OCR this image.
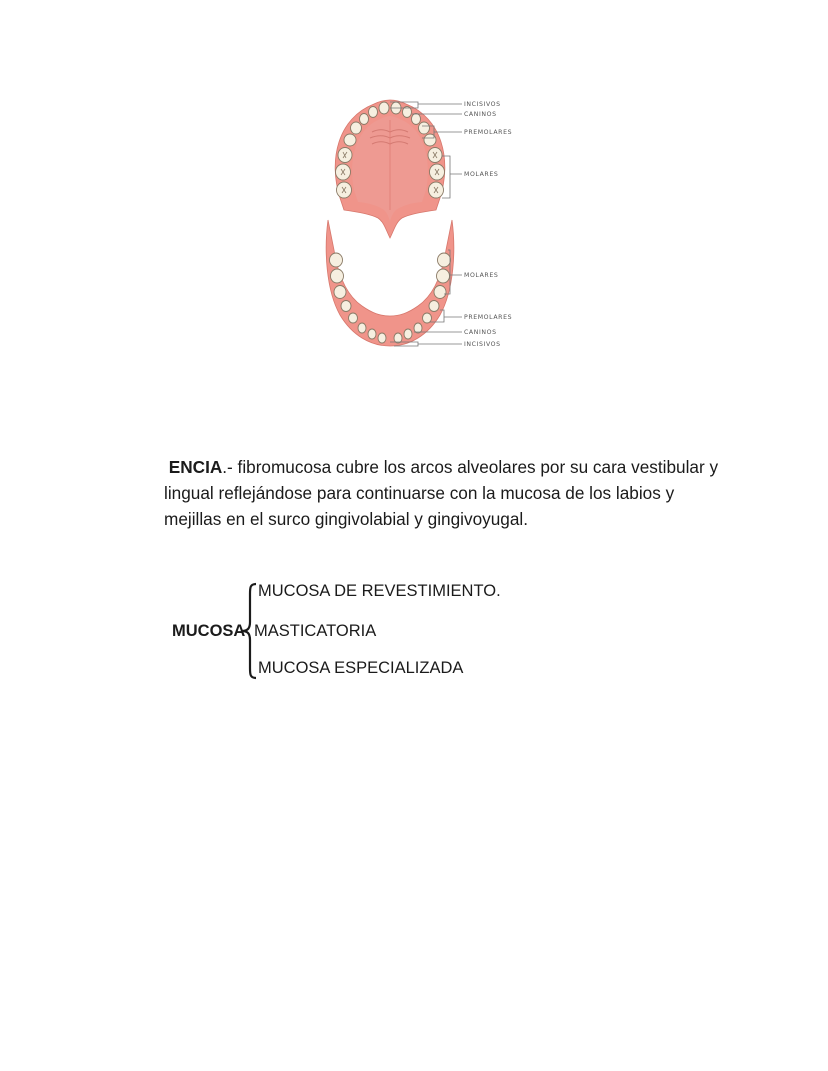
INCISIVOS
CANINOS
PREMOLARES
MOLARES
MOLARES
PREMOLARES
CANINOS
INCISIVOS

ENCIA.- fibromucosa cubre los arcos alveolares por su cara vestibular y lingual reflejándose para continuarse con la mucosa de los labios y mejillas en el surco gingivolabial y gingivoyugal.

MUCOSA
MUCOSA DE REVESTIMIENTO.
MASTICATORIA
MUCOSA ESPECIALIZADA
